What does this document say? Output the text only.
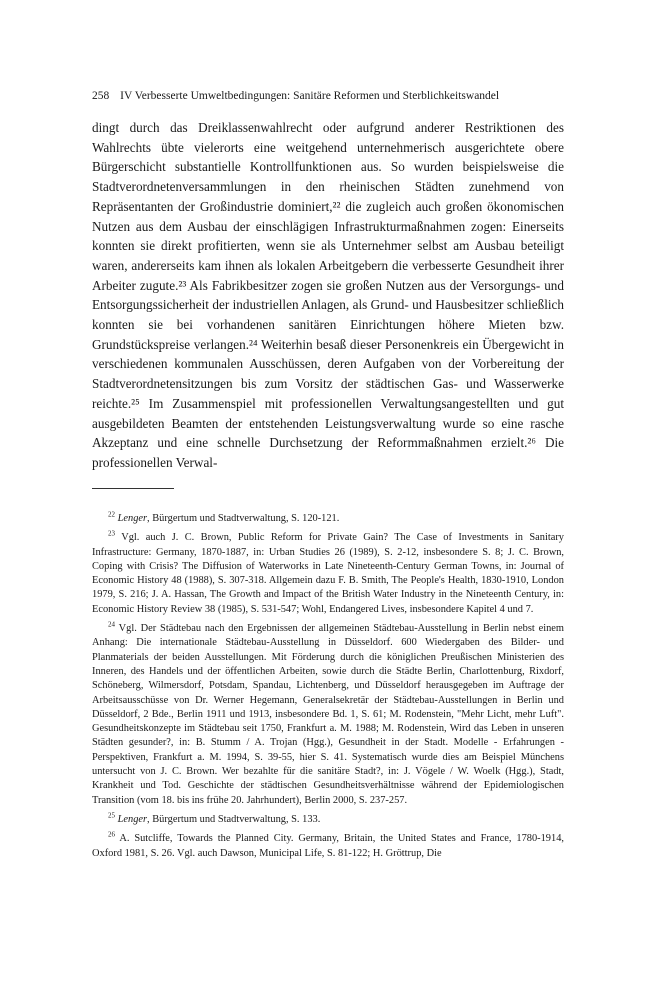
258 IV Verbesserte Umweltbedingungen: Sanitäre Reformen und Sterblichkeitswandel
dingt durch das Dreiklassenwahlrecht oder aufgrund anderer Restriktionen des Wahlrechts übte vielerorts eine weitgehend unternehmerisch ausgerichtete obere Bürgerschicht substantielle Kontrollfunktionen aus. So wurden beispielsweise die Stadtverordnetenversammlungen in den rheinischen Städten zunehmend von Repräsentanten der Großindustrie dominiert,²² die zugleich auch großen ökonomischen Nutzen aus dem Ausbau der einschlägigen Infrastrukturmaßnahmen zogen: Einerseits konnten sie direkt profitierten, wenn sie als Unternehmer selbst am Ausbau beteiligt waren, andererseits kam ihnen als lokalen Arbeitgebern die verbesserte Gesundheit ihrer Arbeiter zugute.²³ Als Fabrikbesitzer zogen sie großen Nutzen aus der Versorgungs- und Entsorgungssicherheit der industriellen Anlagen, als Grund- und Hausbesitzer schließlich konnten sie bei vorhandenen sanitären Einrichtungen höhere Mieten bzw. Grundstückspreise verlangen.²⁴ Weiterhin besaß dieser Personenkreis ein Übergewicht in verschiedenen kommunalen Ausschüssen, deren Aufgaben von der Vorbereitung der Stadtverordnetensitzungen bis zum Vorsitz der städtischen Gas- und Wasserwerke reichte.²⁵ Im Zusammenspiel mit professionellen Verwaltungsangestellten und gut ausgebildeten Beamten der entstehenden Leistungsverwaltung wurde so eine rasche Akzeptanz und eine schnelle Durchsetzung der Reformmaßnahmen erzielt.²⁶ Die professionellen Verwal-

$^{22}$ Lenger, Bürgertum und Stadtverwaltung, S. 120-121.

$^{23}$ Vgl. auch J. C. Brown, Public Reform for Private Gain? The Case of Investments in Sanitary Infrastructure: Germany, 1870-1887, in: Urban Studies 26 (1989), S. 2-12, insbesondere S. 8; J. C. Brown, Coping with Crisis? The Diffusion of Waterworks in Late Nineteenth-Century German Towns, in: Journal of Economic History 48 (1988), S. 307-318. Allgemein dazu F. B. Smith, The People's Health, 1830-1910, London 1979, S. 216; J. A. Hassan, The Growth and Impact of the British Water Industry in the Nineteenth Century, in: Economic History Review 38 (1985), S. 531-547; Wohl, Endangered Lives, insbesondere Kapitel 4 und 7.

$^{24}$ Vgl. Der Städtebau nach den Ergebnissen der allgemeinen Städtebau-Ausstellung in Berlin nebst einem Anhang: Die internationale Städtebau-Ausstellung in Düsseldorf. 600 Wiedergaben des Bilder- und Planmaterials der beiden Ausstellungen. Mit Förderung durch die königlichen Preußischen Ministerien des Inneren, des Handels und der öffentlichen Arbeiten, sowie durch die Städte Berlin, Charlottenburg, Rixdorf, Schöneberg, Wilmersdorf, Potsdam, Spandau, Lichtenberg, und Düsseldorf herausgegeben im Auftrage der Arbeitsausschüsse von Dr. Werner Hegemann, Generalsekretär der Städtebau-Ausstellungen in Berlin und Düsseldorf, 2 Bde., Berlin 1911 und 1913, insbesondere Bd. 1, S. 61; M. Rodenstein, "Mehr Licht, mehr Luft". Gesundheitskonzepte im Städtebau seit 1750, Frankfurt a. M. 1988; M. Rodenstein, Wird das Leben in unseren Städten gesunder?, in: B. Stumm / A. Trojan (Hgg.), Gesundheit in der Stadt. Modelle - Erfahrungen - Perspektiven, Frankfurt a. M. 1994, S. 39-55, hier S. 41. Systematisch wurde dies am Beispiel Münchens untersucht von J. C. Brown. Wer bezahlte für die sanitäre Stadt?, in: J. Vögele / W. Woelk (Hgg.), Stadt, Krankheit und Tod. Geschichte der städtischen Gesundheitsverhältnisse während der Epidemiologischen Transition (vom 18. bis ins frühe 20. Jahrhundert), Berlin 2000, S. 237-257.

$^{25}$ Lenger, Bürgertum und Stadtverwaltung, S. 133.

$^{26}$ A. Sutcliffe, Towards the Planned City. Germany, Britain, the United States and France, 1780-1914, Oxford 1981, S. 26. Vgl. auch Dawson, Municipal Life, S. 81-122; H. Gröttrup, Die
